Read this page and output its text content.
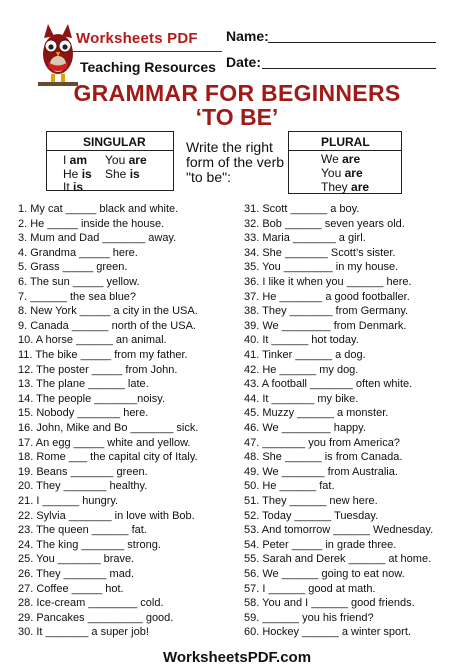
Worksheets PDF
Teaching Resources
Name:
Date:
GRAMMAR FOR BEGINNERS
‘TO BE’
SINGULAR
I am You are
He is She is
It is
Write the right form of the verb "to be":
PLURAL
We are
You are
They are
1. My cat _____ black and white.
2. He _____ inside the house.
3. Mum and Dad _______ away.
4. Grandma _____ here.
5. Grass _____ green.
6. The sun _____ yellow.
7. ______ the sea blue?
8. New York _____ a city in the USA.
9. Canada ______ north of the USA.
10. A horse ______ an animal.
11. The bike _____ from my father.
12. The poster _____ from John.
13. The plane ______ late.
14. The people _______noisy.
15. Nobody _______ here.
16. John, Mike and Bo _______ sick.
17. An egg _____ white and yellow.
18. Rome ___ the capital city of Italy.
19. Beans _______ green.
20. They _______ healthy.
21. I ______ hungry.
22. Sylvia _______ in love with Bob.
23. The queen ______ fat.
24. The king _______ strong.
25. You _______ brave.
26. They _______ mad.
27. Coffee _____ hot.
28. Ice-cream ________ cold.
29. Pancakes _________ good.
30. It _______ a super job!
31. Scott ______ a boy.
32. Bob ______ seven years old.
33. Maria _______ a girl.
34. She _______ Scott’s sister.
35. You ________ in my house.
36. I like it when you ______ here.
37. He _______ a good footballer.
38. They _______ from Germany.
39. We ________ from Denmark.
40. It ______ hot today.
41. Tinker ______ a dog.
42. He ______ my dog.
43. A football _______ often white.
44. It _______ my bike.
45. Muzzy ______ a monster.
46. We ________ happy.
47. _______ you from America?
48. She ______ is from Canada.
49. We _______ from Australia.
50. He ______ fat.
51. They ______ new here.
52. Today ______ Tuesday.
53. And tomorrow ______ Wednesday.
54. Peter _____ in grade three.
55. Sarah and Derek ______ at home.
56. We ______ going to eat now.
57. I ______ good at math.
58. You and I ______ good friends.
59. ______ you his friend?
60. Hockey ______ a winter sport.
WorksheetsPDF.com
